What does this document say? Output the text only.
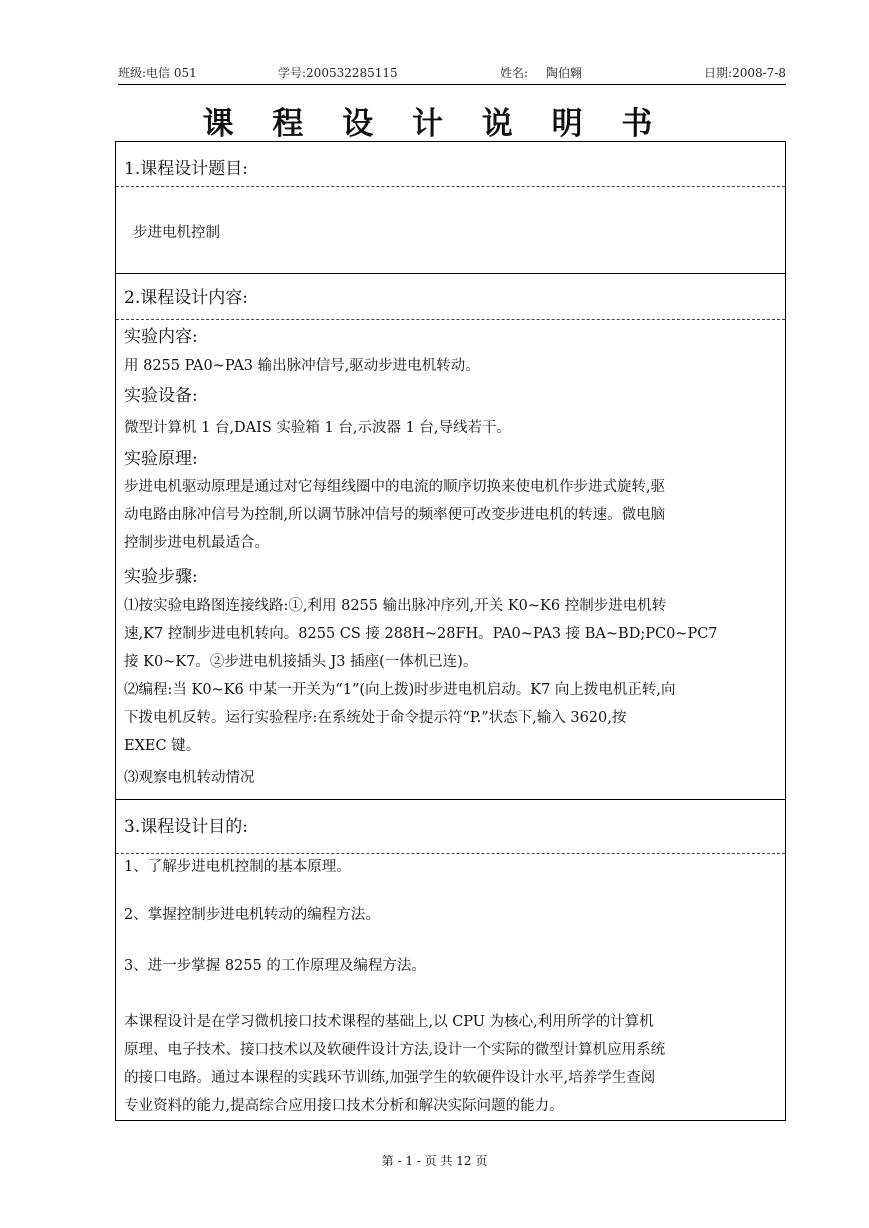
班级:电信 051	学号:200532285115	姓名: 陶伯翱	日期:2008-7-8
课 程 设 计 说 明 书
1.课程设计题目:
步进电机控制
2.课程设计内容:
实验内容:
用 8255 PA0~PA3 输出脉冲信号,驱动步进电机转动。
实验设备:
微型计算机 1 台,DAIS 实验箱 1 台,示波器 1 台,导线若干。
实验原理:
步进电机驱动原理是通过对它每组线圈中的电流的顺序切换来使电机作步进式旋转,驱
动电路由脉冲信号为控制,所以调节脉冲信号的频率便可改变步进电机的转速。微电脑
控制步进电机最适合。
实验步骤:
⑴按实验电路图连接线路:①,利用 8255 输出脉冲序列,开关 K0~K6 控制步进电机转
速,K7 控制步进电机转向。8255 CS 接 288H~28FH。PA0~PA3 接 BA~BD;PC0~PC7
接 K0~K7。②步进电机接插头 J3 插座(一体机已连)。
⑵编程:当 K0~K6 中某一开关为“1”(向上拨)时步进电机启动。K7 向上拨电机正转,向
下拨电机反转。运行实验程序:在系统处于命令提示符“P.”状态下,输入 3620,按
EXEC 键。
⑶观察电机转动情况
3.课程设计目的:
1、了解步进电机控制的基本原理。
2、掌握控制步进电机转动的编程方法。
3、进一步掌握 8255 的工作原理及编程方法。
本课程设计是在学习微机接口技术课程的基础上,以 CPU 为核心,利用所学的计算机
原理、电子技术、接口技术以及软硬件设计方法,设计一个实际的微型计算机应用系统
的接口电路。通过本课程的实践环节训练,加强学生的软硬件设计水平,培养学生查阅
专业资料的能力,提高综合应用接口技术分析和解决实际问题的能力。
第 - 1 - 页 共 12 页
